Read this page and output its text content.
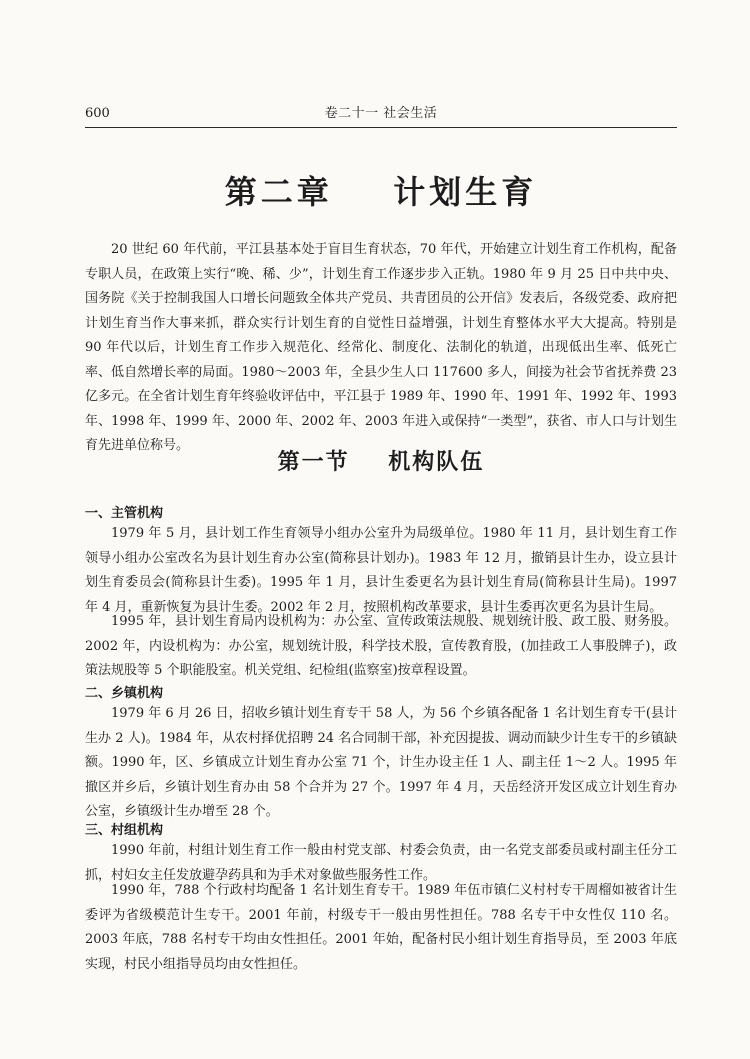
600	卷二十一 社会生活
第二章    计划生育

20 世纪 60 年代前，平江县基本处于盲目生育状态，70 年代，开始建立计划生育工作机构，配备专职人员，在政策上实行“晚、稀、少”，计划生育工作逐步步入正轨。1980 年 9 月 25 日中共中央、国务院《关于控制我国人口增长问题致全体共产党员、共青团员的公开信》发表后，各级党委、政府把计划生育当作大事来抓，群众实行计划生育的自觉性日益增强，计划生育整体水平大大提高。特别是 90 年代以后，计划生育工作步入规范化、经常化、制度化、法制化的轨道，出现低出生率、低死亡率、低自然增长率的局面。1980～2003 年，全县少生人口 117600 多人，间接为社会节省抚养费 23 亿多元。在全省计划生育年终验收评估中，平江县于 1989 年、1990 年、1991 年、1992 年、1993 年、1998 年、1999 年、2000 年、2002 年、2003 年进入或保持“一类型”，获省、市人口与计划生育先进单位称号。

第一节    机构队伍
一、主管机构

1979 年 5 月，县计划工作生育领导小组办公室升为局级单位。1980 年 11 月，县计划生育工作领导小组办公室改名为县计划生育办公室(简称县计划办)。1983 年 12 月，撤销县计生办，设立县计划生育委员会(简称县计生委)。1995 年 1 月，县计生委更名为县计划生育局(简称县计生局)。1997 年 4 月，重新恢复为县计生委。2002 年 2 月，按照机构改革要求，县计生委再次更名为县计生局。

1995 年，县计划生育局内设机构为：办公室、宣传政策法规股、规划统计股、政工股、财务股。2002 年，内设机构为：办公室，规划统计股，科学技术股，宣传教育股，(加挂政工人事股牌子)，政策法规股等 5 个职能股室。机关党组、纪检组(监察室)按章程设置。

二、乡镇机构

1979 年 6 月 26 日，招收乡镇计划生育专干 58 人，为 56 个乡镇各配备 1 名计划生育专干(县计生办 2 人)。1984 年，从农村择优招聘 24 名合同制干部，补充因提拔、调动而缺少计生专干的乡镇缺额。1990 年，区、乡镇成立计划生育办公室 71 个，计生办设主任 1 人、副主任 1～2 人。1995 年撤区并乡后，乡镇计划生育办由 58 个合并为 27 个。1997 年 4 月，天岳经济开发区成立计划生育办公室，乡镇级计生办增至 28 个。

三、村组机构

1990 年前，村组计划生育工作一般由村党支部、村委会负责，由一名党支部委员或村副主任分工抓，村妇女主任发放避孕药具和为手术对象做些服务性工作。

1990 年，788 个行政村均配备 1 名计划生育专干。1989 年伍市镇仁义村村专干周榴如被省计生委评为省级模范计生专干。2001 年前，村级专干一般由男性担任。788 名专干中女性仅 110 名。2003 年底，788 名村专干均由女性担任。2001 年始，配备村民小组计划生育指导员，至 2003 年底实现，村民小组指导员均由女性担任。
